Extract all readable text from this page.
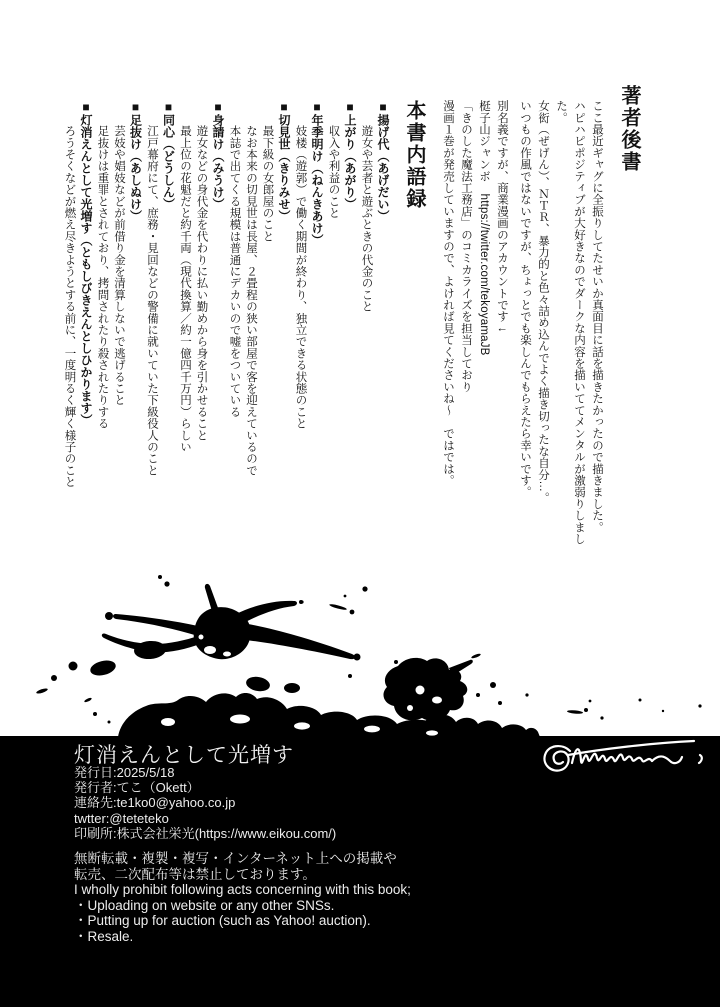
著者後書
ここ最近ギャグに全振りしてたせいか真面目に話を描きたかったので描きました。
ハピハピポジティブが大好きなのでダークな内容を描いててメンタルが激弱りしました。
女衒（ぜげん）、ＮＴＲ、暴力的と色々詰め込んでよく描き切ったな自分…。
いつもの作風ではないですが、ちょっとでも楽しんでもらえたら幸いです。
別名義ですが、商業漫画のアカウントです←
梃子山ジャンボ　https://twitter.com/tekoyamaJB
「きのした魔法工務店」のコミカライズを担当しており
漫画１巻が発売していますので、よければ見てくださいね～　ではでは。
本書内語録
■揚げ代（あげだい）
遊女や芸者と遊ぶときの代金のこと
■上がり（あがり）
収入や利益のこと
■年季明け（ねんきあけ）
妓楼（遊郭）で働く期間が終わり、独立できる状態のこと
■切見世（きりみせ）
最下級の女郎屋のこと
なお本来の切見世は長屋、２畳程の狭い部屋で客を迎えているので
本誌で出てくる規模は普通にデカいので嘘をついている
■身請け（みうけ）
遊女などの身代金を代わりに払い勤めから身を引かせること
最上位の花魁だと約千両（現代換算／約一億四千万円）らしい
■同心（どうしん）
江戸幕府にて、庶務・見回などの警備に就いていた下級役人のこと
■足抜け（あしぬけ）
芸妓や娼妓などが前借り金を清算しないで逃げること
足抜けは重罪とされており、拷問されたり殺されたりする
■灯消えんとして光増す（ともしびきえんとしひかります）
ろうそくなどが燃え尽きようとする前に、一度明るく輝く様子のこと
灯消えんとして光増す
発行日:2025/5/18
発行者:てこ（Okett）
連絡先:te1ko0@yahoo.co.jp
twtter:@teteteko
印刷所:株式会社栄光(https://www.eikou.com/)
無断転載・複製・複写・インターネット上への掲載や
転売、二次配布等は禁止しております。
I wholly prohibit following acts concerning with this book;
・Uploading on website or any other SNSs.
・Putting up for auction (such as Yahoo! auction).
・Resale.
